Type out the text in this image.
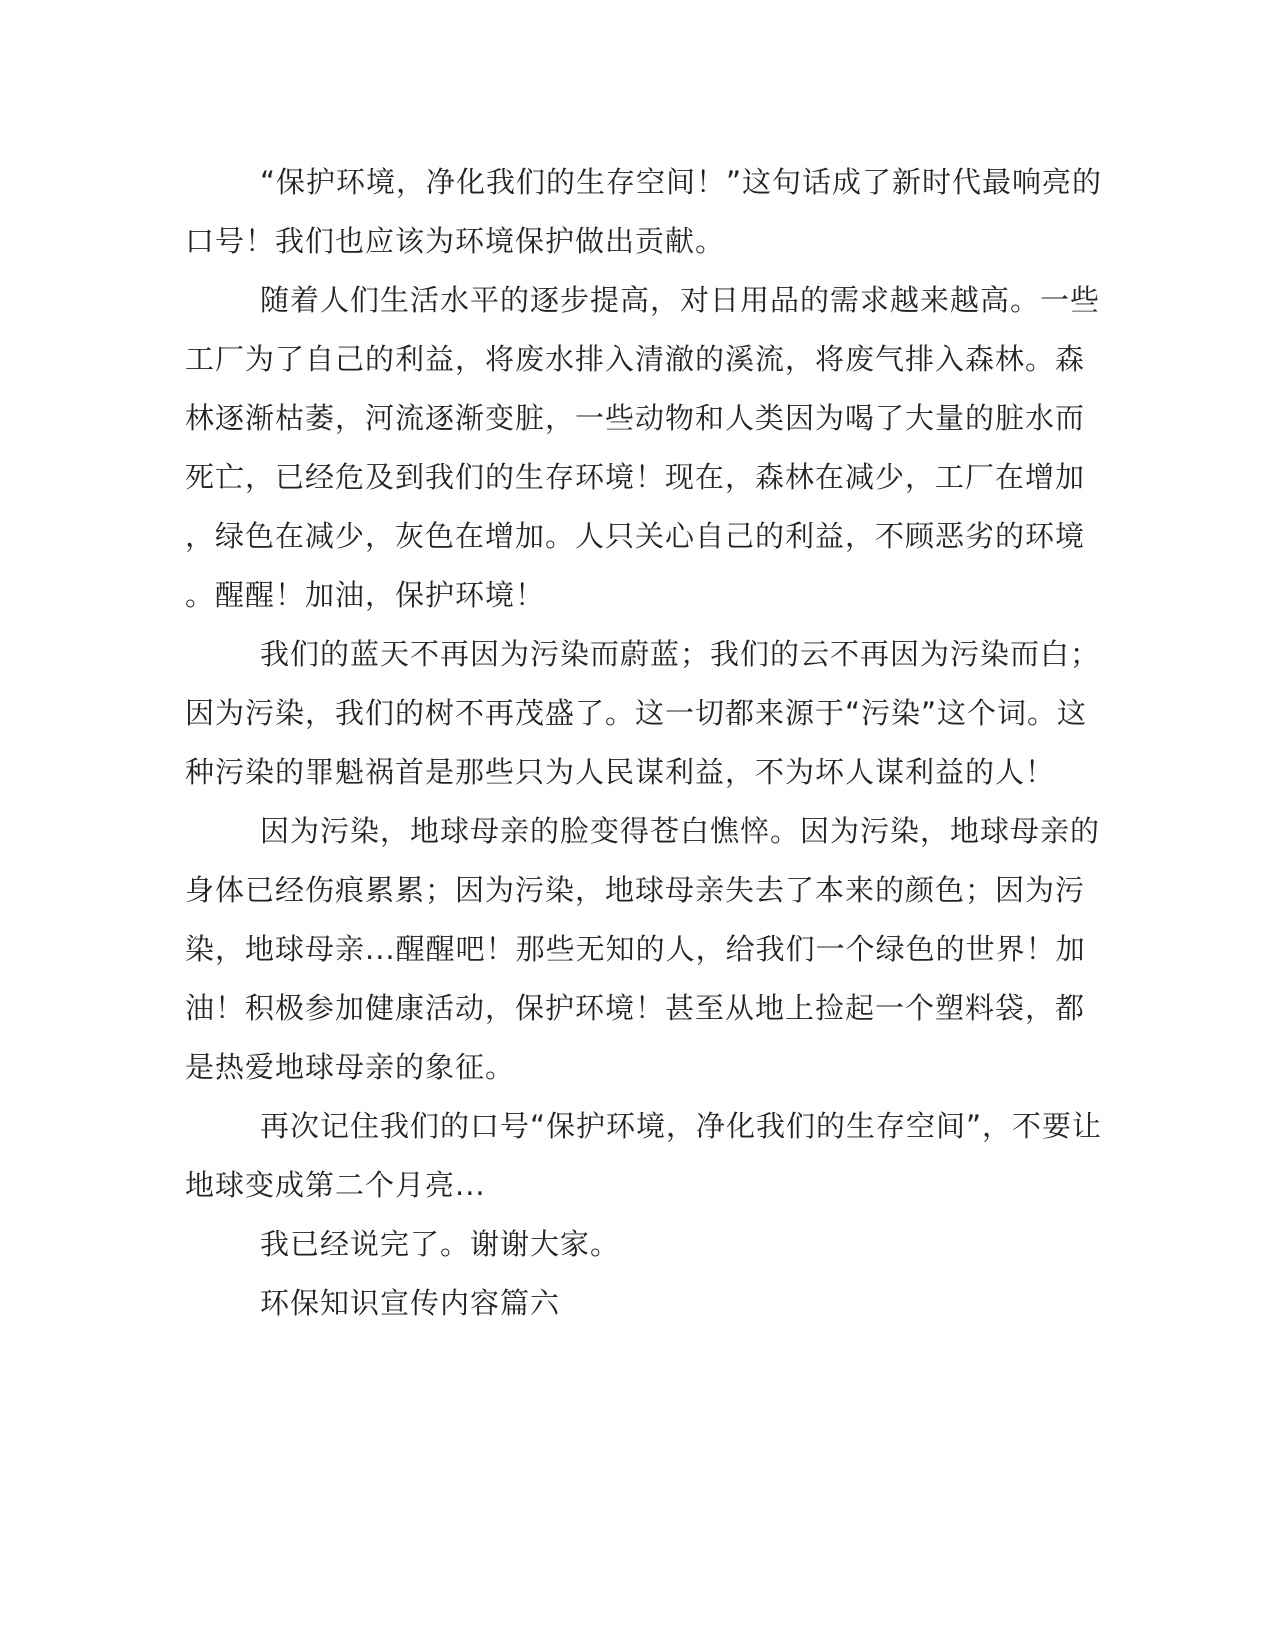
“保护环境，净化我们的生存空间！”这句话成了新时代最响亮的
口号！我们也应该为环境保护做出贡献。
随着人们生活水平的逐步提高，对日用品的需求越来越高。一些
工厂为了自己的利益，将废水排入清澈的溪流，将废气排入森林。森
林逐渐枯萎，河流逐渐变脏，一些动物和人类因为喝了大量的脏水而
死亡，已经危及到我们的生存环境！现在，森林在减少，工厂在增加
，绿色在减少，灰色在增加。人只关心自己的利益，不顾恶劣的环境
。醒醒！加油，保护环境！
我们的蓝天不再因为污染而蔚蓝；我们的云不再因为污染而白；
因为污染，我们的树不再茂盛了。这一切都来源于“污染”这个词。这
种污染的罪魁祸首是那些只为人民谋利益，不为坏人谋利益的人！
因为污染，地球母亲的脸变得苍白憔悴。因为污染，地球母亲的
身体已经伤痕累累；因为污染，地球母亲失去了本来的颜色；因为污
染，地球母亲...醒醒吧！那些无知的人，给我们一个绿色的世界！加
油！积极参加健康活动，保护环境！甚至从地上捡起一个塑料袋，都
是热爱地球母亲的象征。
再次记住我们的口号“保护环境，净化我们的生存空间”，不要让
地球变成第二个月亮...
我已经说完了。谢谢大家。
环保知识宣传内容篇六
